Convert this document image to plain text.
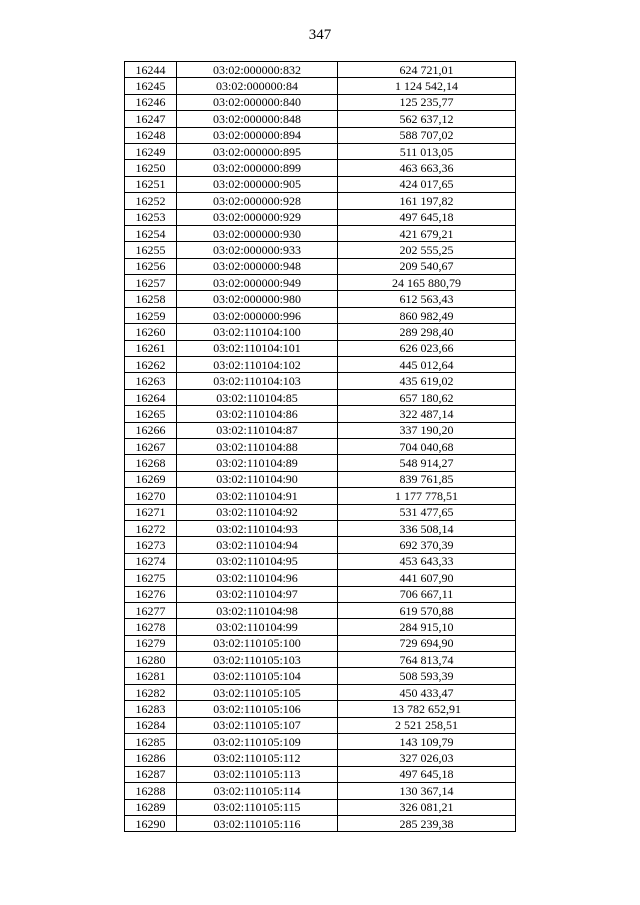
347
16244	03:02:000000:832	624 721,01
16245	03:02:000000:84	1 124 542,14
16246	03:02:000000:840	125 235,77
16247	03:02:000000:848	562 637,12
16248	03:02:000000:894	588 707,02
16249	03:02:000000:895	511 013,05
16250	03:02:000000:899	463 663,36
16251	03:02:000000:905	424 017,65
16252	03:02:000000:928	161 197,82
16253	03:02:000000:929	497 645,18
16254	03:02:000000:930	421 679,21
16255	03:02:000000:933	202 555,25
16256	03:02:000000:948	209 540,67
16257	03:02:000000:949	24 165 880,79
16258	03:02:000000:980	612 563,43
16259	03:02:000000:996	860 982,49
16260	03:02:110104:100	289 298,40
16261	03:02:110104:101	626 023,66
16262	03:02:110104:102	445 012,64
16263	03:02:110104:103	435 619,02
16264	03:02:110104:85	657 180,62
16265	03:02:110104:86	322 487,14
16266	03:02:110104:87	337 190,20
16267	03:02:110104:88	704 040,68
16268	03:02:110104:89	548 914,27
16269	03:02:110104:90	839 761,85
16270	03:02:110104:91	1 177 778,51
16271	03:02:110104:92	531 477,65
16272	03:02:110104:93	336 508,14
16273	03:02:110104:94	692 370,39
16274	03:02:110104:95	453 643,33
16275	03:02:110104:96	441 607,90
16276	03:02:110104:97	706 667,11
16277	03:02:110104:98	619 570,88
16278	03:02:110104:99	284 915,10
16279	03:02:110105:100	729 694,90
16280	03:02:110105:103	764 813,74
16281	03:02:110105:104	508 593,39
16282	03:02:110105:105	450 433,47
16283	03:02:110105:106	13 782 652,91
16284	03:02:110105:107	2 521 258,51
16285	03:02:110105:109	143 109,79
16286	03:02:110105:112	327 026,03
16287	03:02:110105:113	497 645,18
16288	03:02:110105:114	130 367,14
16289	03:02:110105:115	326 081,21
16290	03:02:110105:116	285 239,38
